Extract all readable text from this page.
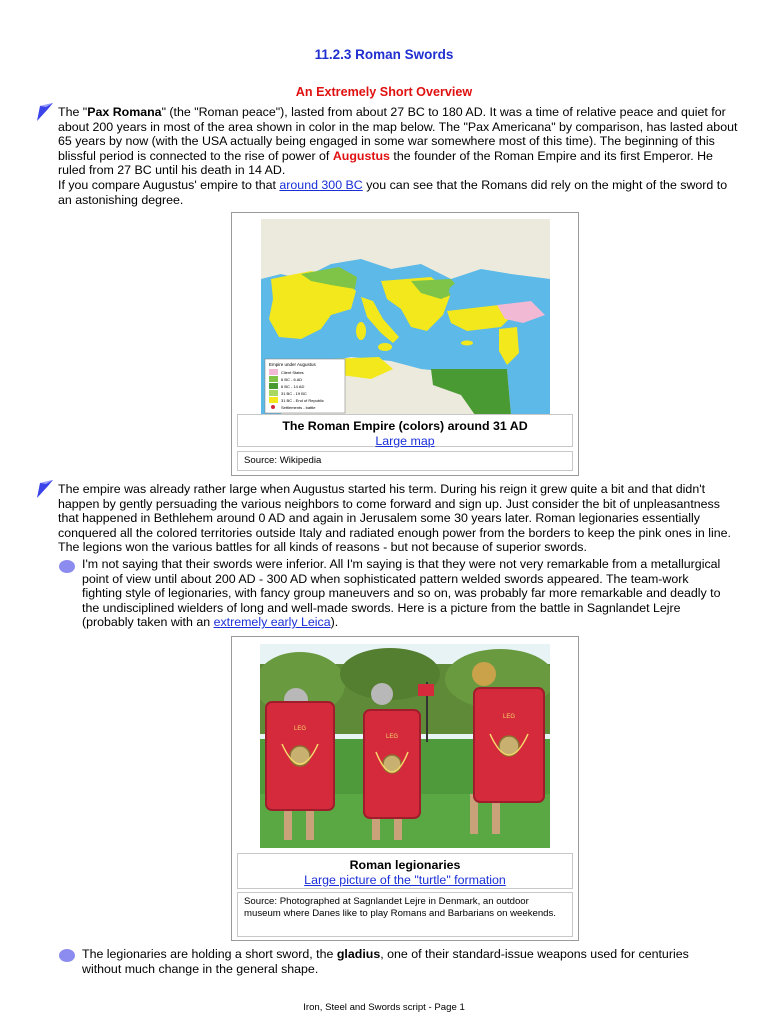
11.2.3 Roman Swords
An Extremely Short Overview

The "Pax Romana" (the "Roman peace"), lasted from about 27 BC to 180 AD. It was a time of relative peace and quiet for about 200 years in most of the area shown in color in the map below. The "Pax Americana" by comparison, has lasted about 65 years by now (with the USA actually being engaged in some war somewhere most of this time). The beginning of this blissful period is connected to the rise of power of Augustus the founder of the Roman Empire and its first Emperor. He ruled from 27 BC until his death in 14 AD.
If you compare Augustus' empire to that around 300 BC you can see that the Romans did rely on the might of the sword to an astonishing degree.

Empire under Augustus
Client States
6 BC - 6 AD
6 BC - 14 AD
31 BC - 19 BC
31 BC - End of Republic
Settlements - battle
The Roman Empire (colors) around 31 AD
Large map
Source: Wikipedia

The empire was already rather large when Augustus started his term. During his reign it grew quite a bit and that didn't happen by gently persuading the various neighbors to come forward and sign up. Just consider the bit of unpleasantness that happened in Bethlehem around 0 AD and again in Jerusalem some 30 years later. Roman legionaries essentially conquered all the colored territories outside Italy and radiated enough power from the borders to keep the pink ones in line. The legions won the various battles for all kinds of reasons - but not because of superior swords.

I'm not saying that their swords were inferior. All I'm saying is that they were not very remarkable from a metallurgical point of view until about 200 AD - 300 AD when sophisticated pattern welded swords appeared. The team-work fighting style of legionaries, with fancy group maneuvers and so on, was probably far more remarkable and deadly to the undisciplined wielders of long and well-made swords. Here is a picture from the battle in Sagnlandet Lejre (probably taken with an extremely early Leica).

LEG
LEG
LEG
Roman legionaries
Large picture of the "turtle" formation
Source: Photographed at Sagnlandet Lejre in Denmark, an outdoor museum where Danes like to play Romans and Barbarians on weekends.

The legionaries are holding a short sword, the gladius, one of their standard-issue weapons used for centuries without much change in the general shape.

Iron, Steel and Swords script - Page 1
